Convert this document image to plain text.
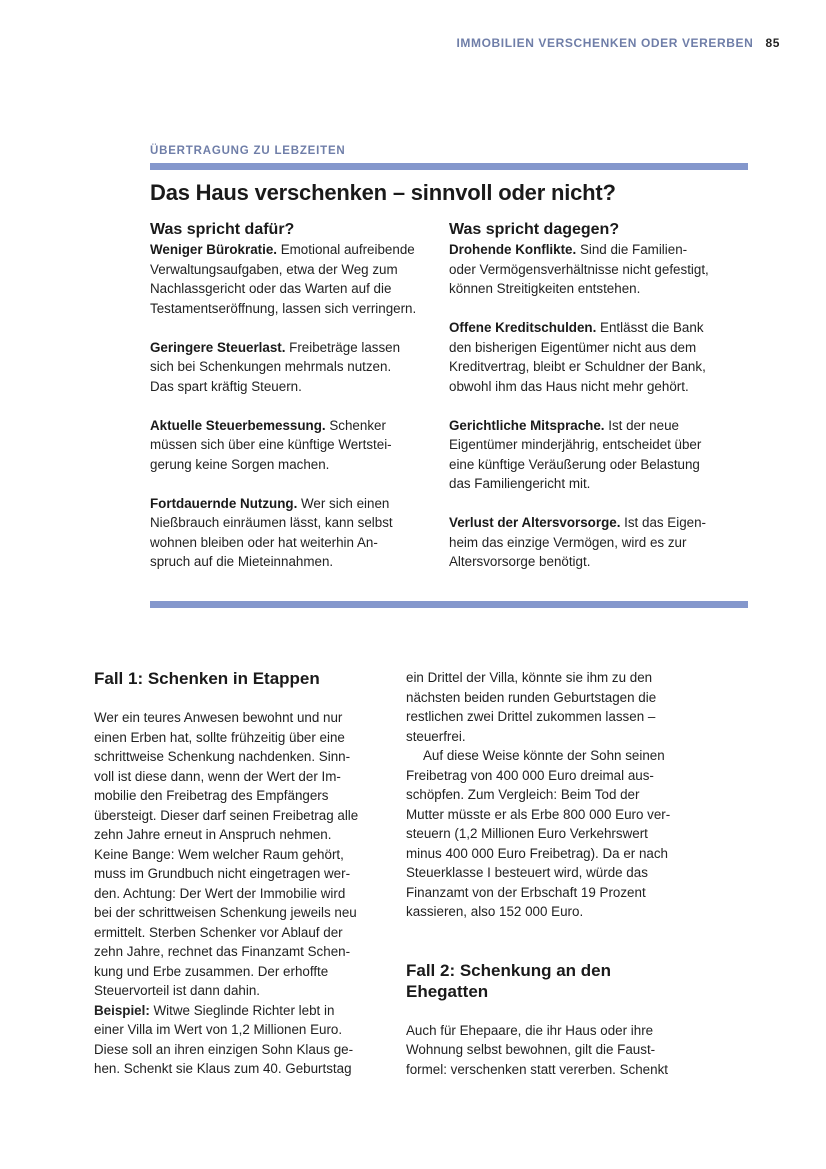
IMMOBILIEN VERSCHENKEN ODER VERERBEN 85
ÜBERTRAGUNG ZU LEBZEITEN
Das Haus verschenken – sinnvoll oder nicht?
Was spricht dafür?
Weniger Bürokratie. Emotional aufreibende
Verwaltungsaufgaben, etwa der Weg zum
Nachlassgericht oder das Warten auf die
Testamentseröffnung, lassen sich verringern.
Geringere Steuerlast. Freibeträge lassen
sich bei Schenkungen mehrmals nutzen.
Das spart kräftig Steuern.
Aktuelle Steuerbemessung. Schenker
müssen sich über eine künftige Wertstei-
gerung keine Sorgen machen.
Fortdauernde Nutzung. Wer sich einen
Nießbrauch einräumen lässt, kann selbst
wohnen bleiben oder hat weiterhin An-
spruch auf die Mieteinnahmen.
Was spricht dagegen?
Drohende Konflikte. Sind die Familien-
oder Vermögensverhältnisse nicht gefestigt,
können Streitigkeiten entstehen.
Offene Kreditschulden. Entlässt die Bank
den bisherigen Eigentümer nicht aus dem
Kreditvertrag, bleibt er Schuldner der Bank,
obwohl ihm das Haus nicht mehr gehört.
Gerichtliche Mitsprache. Ist der neue
Eigentümer minderjährig, entscheidet über
eine künftige Veräußerung oder Belastung
das Familiengericht mit.
Verlust der Altersvorsorge. Ist das Eigen-
heim das einzige Vermögen, wird es zur
Altersvorsorge benötigt.
Fall 1: Schenken in Etappen
Wer ein teures Anwesen bewohnt und nur
einen Erben hat, sollte frühzeitig über eine
schrittweise Schenkung nachdenken. Sinn-
voll ist diese dann, wenn der Wert der Im-
mobilie den Freibetrag des Empfängers
übersteigt. Dieser darf seinen Freibetrag alle
zehn Jahre erneut in Anspruch nehmen.
Keine Bange: Wem welcher Raum gehört,
muss im Grundbuch nicht eingetragen wer-
den. Achtung: Der Wert der Immobilie wird
bei der schrittweisen Schenkung jeweils neu
ermittelt. Sterben Schenker vor Ablauf der
zehn Jahre, rechnet das Finanzamt Schen-
kung und Erbe zusammen. Der erhoffte
Steuervorteil ist dann dahin.
Beispiel: Witwe Sieglinde Richter lebt in
einer Villa im Wert von 1,2 Millionen Euro.
Diese soll an ihren einzigen Sohn Klaus ge-
hen. Schenkt sie Klaus zum 40. Geburtstag
ein Drittel der Villa, könnte sie ihm zu den
nächsten beiden runden Geburtstagen die
restlichen zwei Drittel zukommen lassen –
steuerfrei.
Auf diese Weise könnte der Sohn seinen
Freibetrag von 400 000 Euro dreimal aus-
schöpfen. Zum Vergleich: Beim Tod der
Mutter müsste er als Erbe 800 000 Euro ver-
steuern (1,2 Millionen Euro Verkehrswert
minus 400 000 Euro Freibetrag). Da er nach
Steuerklasse I besteuert wird, würde das
Finanzamt von der Erbschaft 19 Prozent
kassieren, also 152 000 Euro.
Fall 2: Schenkung an den
Ehegatten
Auch für Ehepaare, die ihr Haus oder ihre
Wohnung selbst bewohnen, gilt die Faust-
formel: verschenken statt vererben. Schenkt
